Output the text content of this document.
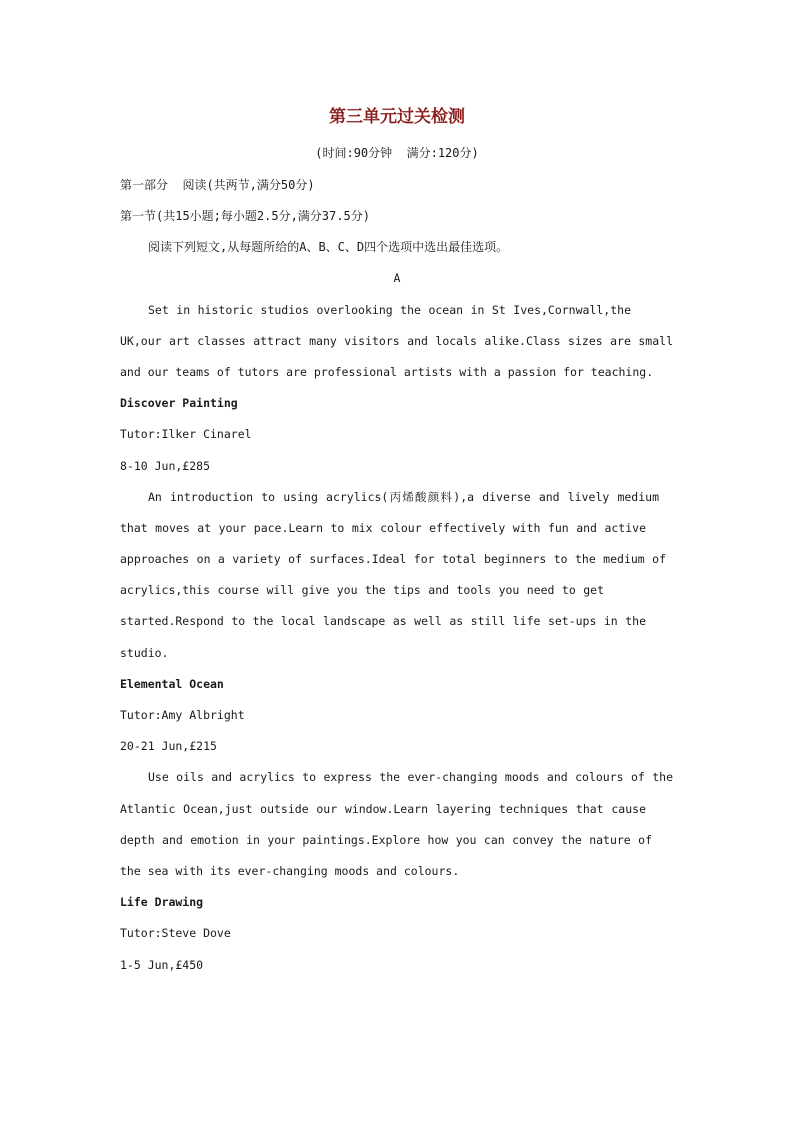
第三单元过关检测
(时间:90分钟  满分:120分)
第一部分  阅读(共两节,满分50分)
第一节(共15小题;每小题2.5分,满分37.5分)
阅读下列短文,从每题所给的A、B、C、D四个选项中选出最佳选项。
A
Set in historic studios overlooking the ocean in St Ives,Cornwall,the
UK,our art classes attract many visitors and locals alike.Class sizes are small
and our teams of tutors are professional artists with a passion for teaching.
Discover Painting
Tutor:Ilker Cinarel
8-10 Jun,£285
An introduction to using acrylics(丙烯酸颜料),a diverse and lively medium
that moves at your pace.Learn to mix colour effectively with fun and active
approaches on a variety of surfaces.Ideal for total beginners to the medium of
acrylics,this course will give you the tips and tools you need to get
started.Respond to the local landscape as well as still life set-ups in the
studio.
Elemental Ocean
Tutor:Amy Albright
20-21 Jun,£215
Use oils and acrylics to express the ever-changing moods and colours of the
Atlantic Ocean,just outside our window.Learn layering techniques that cause
depth and emotion in your paintings.Explore how you can convey the nature of
the sea with its ever-changing moods and colours.
Life Drawing
Tutor:Steve Dove
1-5 Jun,£450
